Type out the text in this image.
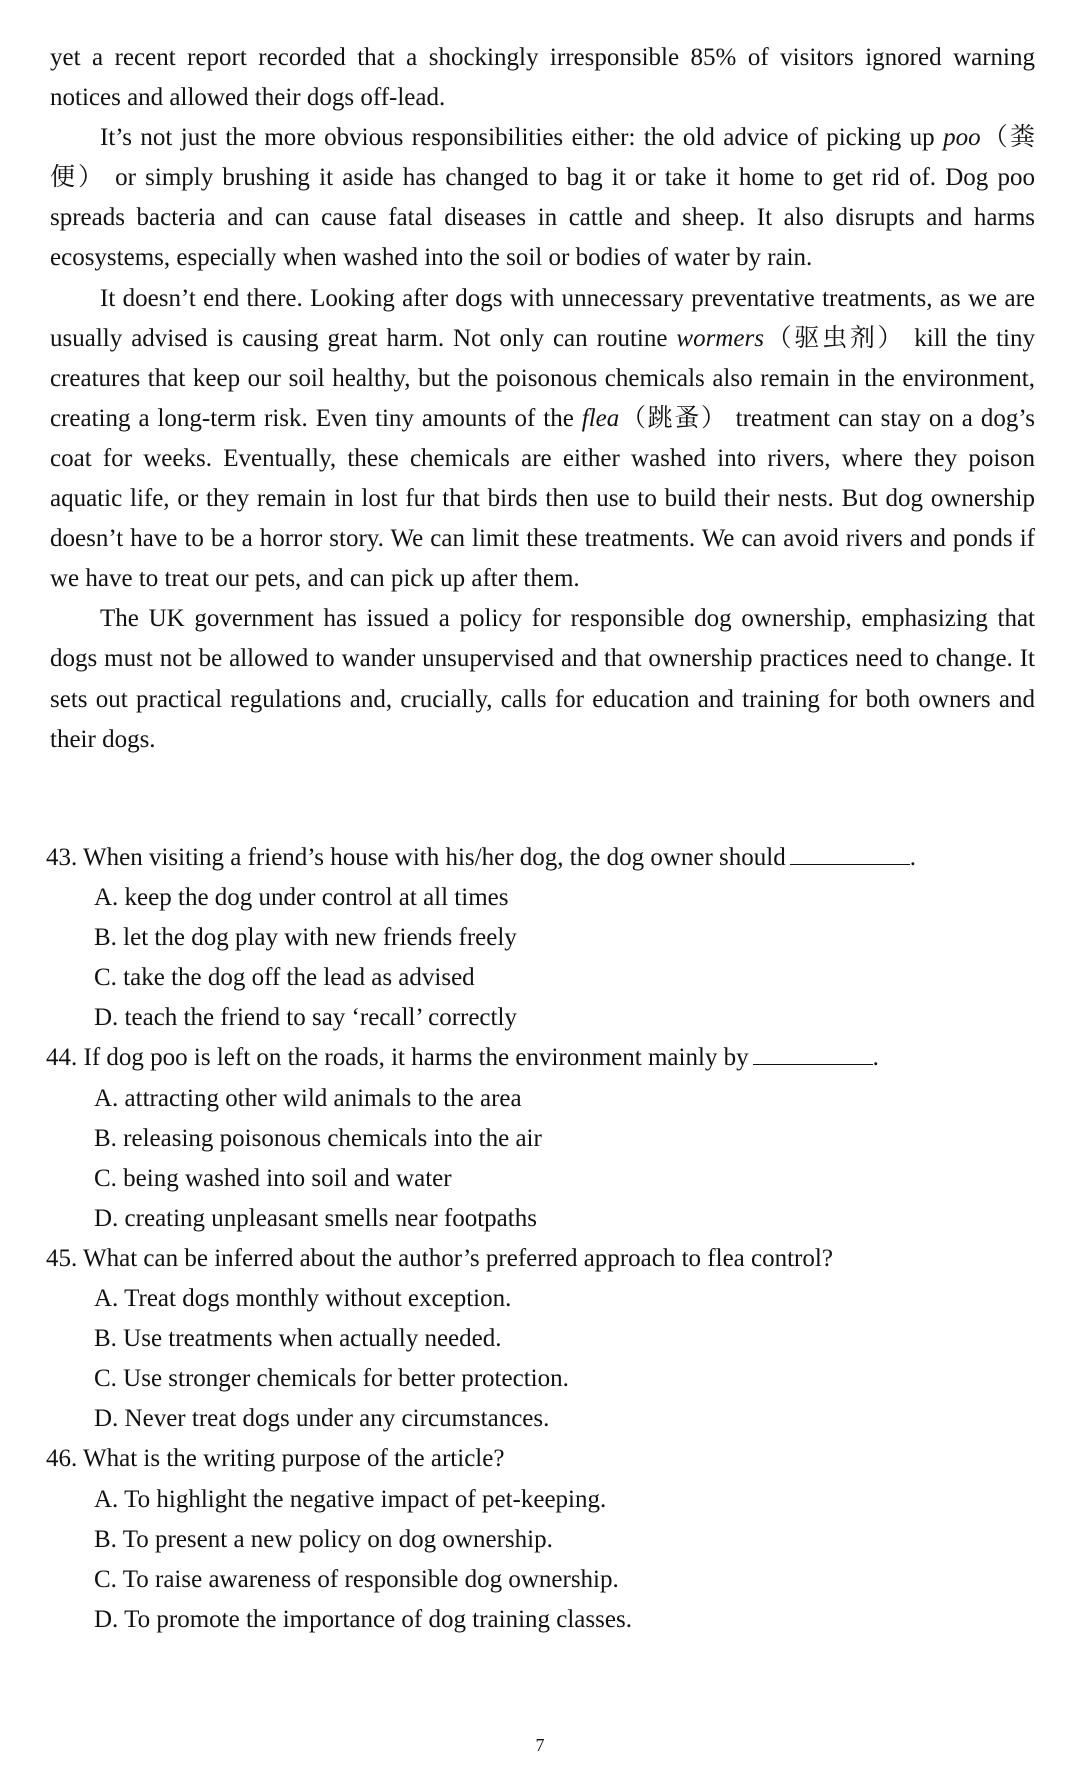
yet a recent report recorded that a shockingly irresponsible 85% of visitors ignored warning notices and allowed their dogs off-lead.

It’s not just the more obvious responsibilities either: the old advice of picking up poo（粪便） or simply brushing it aside has changed to bag it or take it home to get rid of. Dog poo spreads bacteria and can cause fatal diseases in cattle and sheep. It also disrupts and harms ecosystems, especially when washed into the soil or bodies of water by rain.

It doesn’t end there. Looking after dogs with unnecessary preventative treatments, as we are usually advised is causing great harm. Not only can routine wormers（驱虫剂） kill the tiny creatures that keep our soil healthy, but the poisonous chemicals also remain in the environment, creating a long-term risk. Even tiny amounts of the flea（跳蚤） treatment can stay on a dog’s coat for weeks. Eventually, these chemicals are either washed into rivers, where they poison aquatic life, or they remain in lost fur that birds then use to build their nests. But dog ownership doesn’t have to be a horror story. We can limit these treatments. We can avoid rivers and ponds if we have to treat our pets, and can pick up after them.

The UK government has issued a policy for responsible dog ownership, emphasizing that dogs must not be allowed to wander unsupervised and that ownership practices need to change. It sets out practical regulations and, crucially, calls for education and training for both owners and their dogs.

43. When visiting a friend’s house with his/her dog, the dog owner should	.

A. keep the dog under control at all times

B. let the dog play with new friends freely

C. take the dog off the lead as advised

D. teach the friend to say ‘recall’ correctly

44. If dog poo is left on the roads, it harms the environment mainly by	.

A. attracting other wild animals to the area

B. releasing poisonous chemicals into the air

C. being washed into soil and water

D. creating unpleasant smells near footpaths

45. What can be inferred about the author’s preferred approach to flea control?

A. Treat dogs monthly without exception.

B. Use treatments when actually needed.

C. Use stronger chemicals for better protection.

D. Never treat dogs under any circumstances.

46. What is the writing purpose of the article?

A. To highlight the negative impact of pet-keeping.

B. To present a new policy on dog ownership.

C. To raise awareness of responsible dog ownership.

D. To promote the importance of dog training classes.

7
